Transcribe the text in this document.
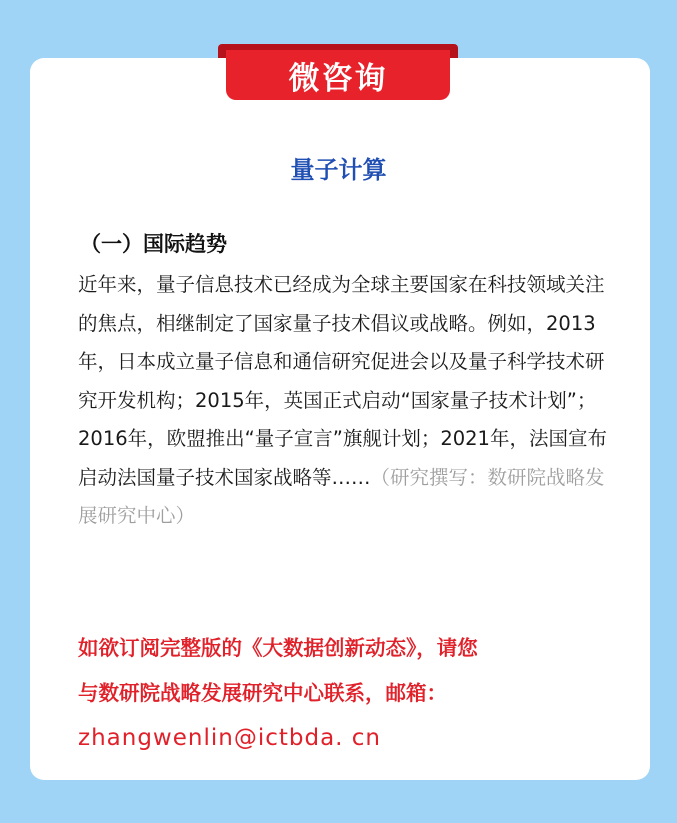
微咨询
量子计算
（一）国际趋势

近年来，量子信息技术已经成为全球主要国家在科技领域关注的焦点，相继制定了国家量子技术倡议或战略。例如，2013年，日本成立量子信息和通信研究促进会以及量子科学技术研究开发机构；2015年，英国正式启动“国家量子技术计划”；2016年，欧盟推出“量子宣言”旗舰计划；2021年，法国宣布启动法国量子技术国家战略等……（研究撰写：数研院战略发展研究中心）

如欲订阅完整版的《大数据创新动态》，请您
与数研院战略发展研究中心联系，邮箱：
zhangwenlin@ictbda. cn
